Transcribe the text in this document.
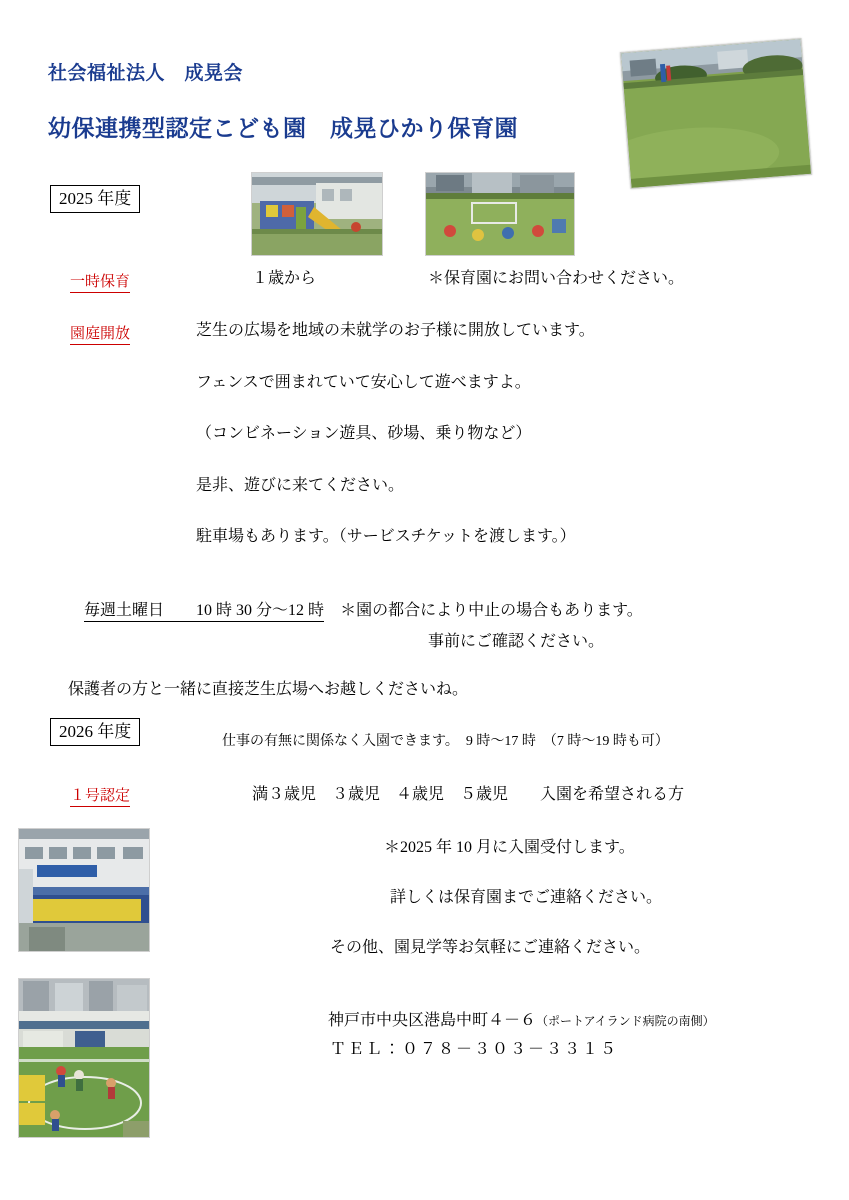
社会福祉法人　成晃会
幼保連携型認定こども園　成晃ひかり保育園
2025 年度
一時保育	１歳から	＊保育園にお問い合わせください。
園庭開放	芝生の広場を地域の未就学のお子様に開放しています。
フェンスで囲まれていて安心して遊べますよ。
（コンビネーション遊具、砂場、乗り物など）
是非、遊びに来てください。
駐車場もあります。（サービスチケットを渡します。）

毎週土曜日　　 10 時 30 分〜12 時　 ＊園の都合により中止の場合もあります。

事前にご確認ください。
保護者の方と一緒に直接芝生広場へお越しくださいね。
2026 年度
仕事の有無に関係なく入園できます。　9 時〜17 時　（7 時〜19 時も可）
１号認定	満３歳児　３歳児　４歳児　５歳児　　入園を希望される方
＊2025 年 10 月に入園受付します。
詳しくは保育園までご連絡ください。
その他、園見学等お気軽にご連絡ください。

神戸市中央区港島中町４－６（ポートアイランド病院の南側）

ＴＥＬ：０７８－３０３－３３１５
